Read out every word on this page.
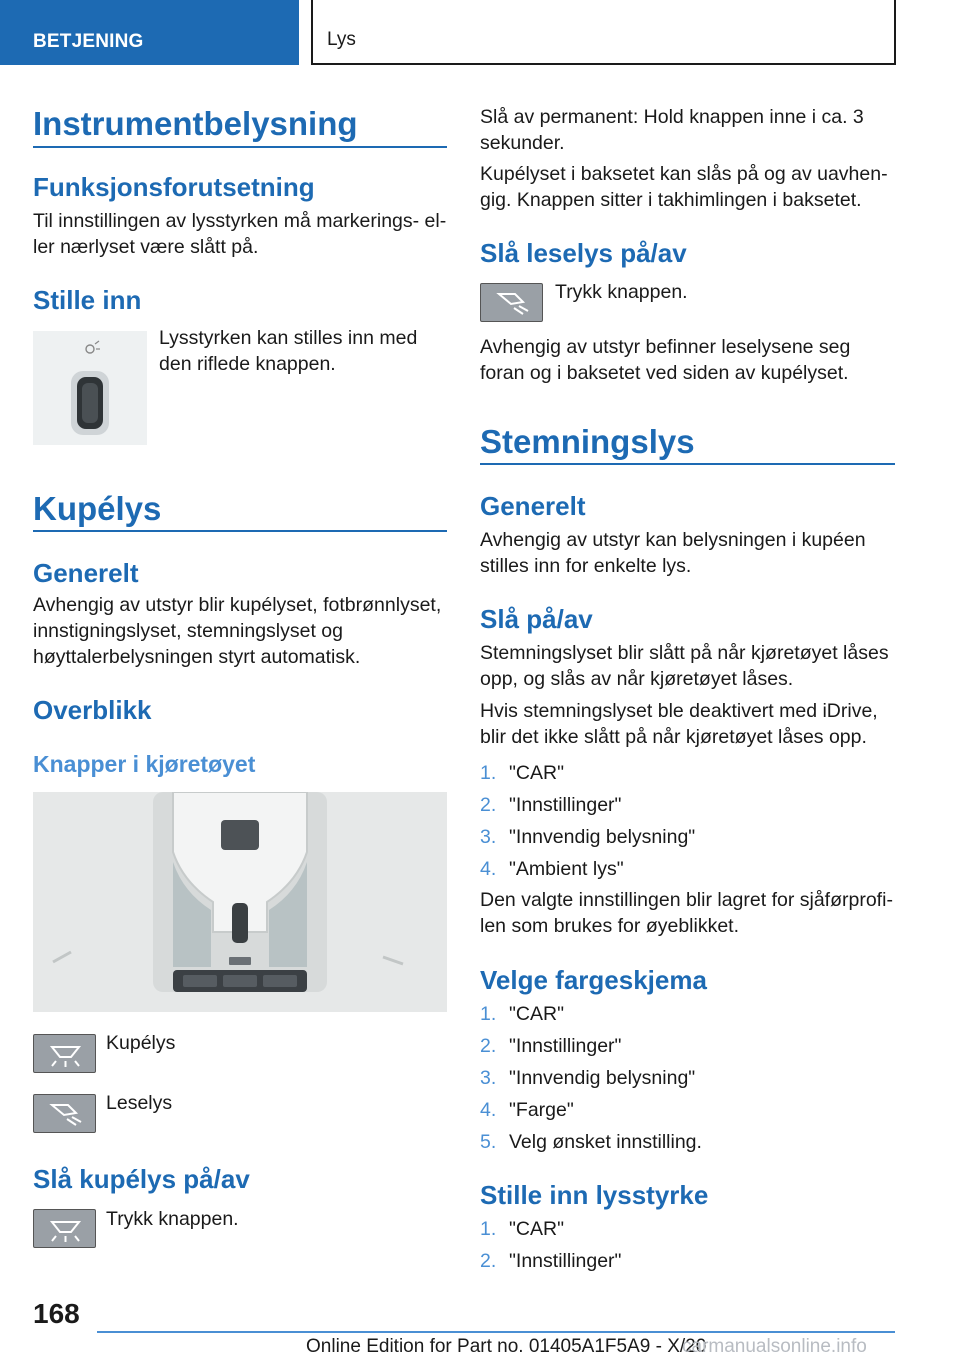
BETJENING	Lys
Instrumentbelysning
Funksjonsforutsetning
Til innstillingen av lysstyrken må markerings- eller nærlyset være slått på.
Stille inn
Lysstyrken kan stilles inn med den riflede knappen.
Kupélys
Generelt
Avhengig av utstyr blir kupélyset, fotbrønnlyset, innstigningslyset, stemningslyset og høyttalerbelysningen styrt automatisk.
Overblikk
Knapper i kjøretøyet
Kupélys
Leselys
Slå kupélys på/av
Trykk knappen.
Slå av permanent: Hold knappen inne i ca. 3 sekunder.
Kupélyset i baksetet kan slås på og av uavhengig. Knappen sitter i takhimlingen i baksetet.
Slå leselys på/av
Trykk knappen.
Avhengig av utstyr befinner leselysene seg foran og i baksetet ved siden av kupélyset.
Stemningslys
Generelt
Avhengig av utstyr kan belysningen i kupéen stilles inn for enkelte lys.
Slå på/av
Stemningslyset blir slått på når kjøretøyet låses opp, og slås av når kjøretøyet låses.
Hvis stemningslyset ble deaktivert med iDrive, blir det ikke slått på når kjøretøyet låses opp.
1. "CAR"
2. "Innstillinger"
3. "Innvendig belysning"
4. "Ambient lys"
Den valgte innstillingen blir lagret for sjåførprofilen som brukes for øyeblikket.
Velge fargeskjema
1. "CAR"
2. "Innstillinger"
3. "Innvendig belysning"
4. "Farge"
5. Velg ønsket innstilling.
Stille inn lysstyrke
1. "CAR"
2. "Innstillinger"
168
Online Edition for Part no. 01405A1F5A9 - X/20
carmanualsonline.info
